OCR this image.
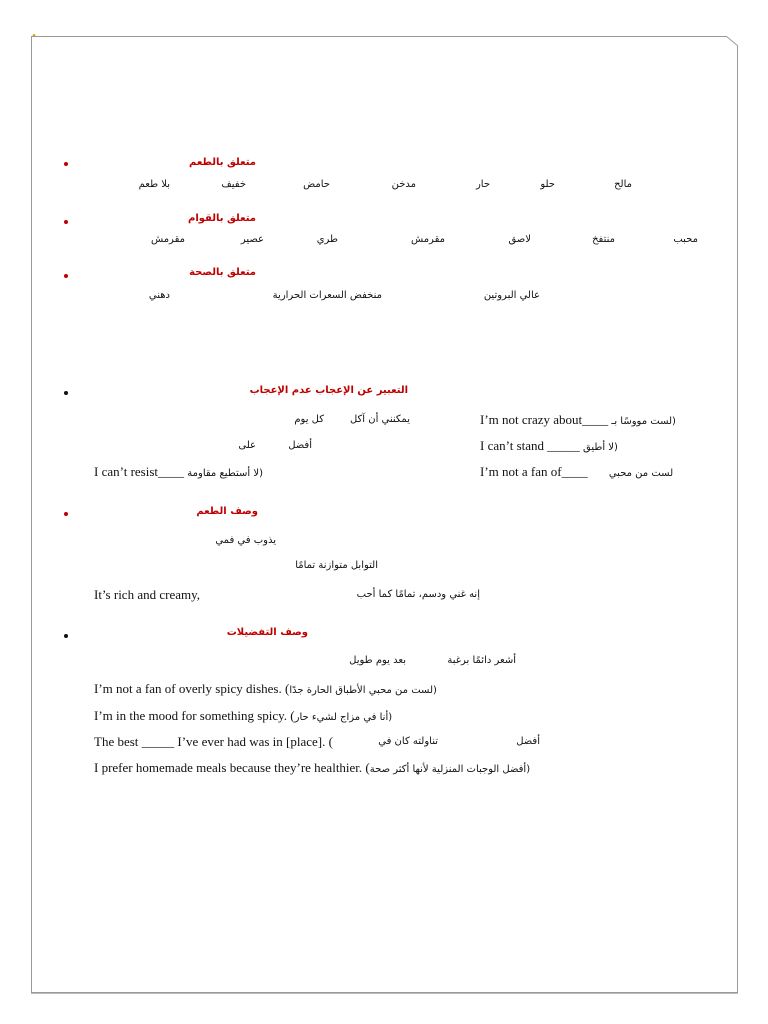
متعلق بالطعم
مالح
حلو
حار
مدخن
حامض
خفيف
بلا طعم
متعلق بالقوام
محبب
منتفخ
لاصق
مقرمش
طري
عصير
مقرمش
متعلق بالصحة
عالي البروتين
منخفض السعرات الحرارية
دهني
التعبير عن الإعجاب عدم الإعجاب
I’m not crazy about____ لست مووسًا بـ)
يمكنني أن آكل
كل يوم
I can’t stand _____ لا أطيق)
أفضل
على
I’m not a fan of____ لست من محبي
I can’t resist____ لا أستطيع مقاومة)
وصف الطعم
يذوب في فمي
التوابل متوازنة تمامًا
It’s rich and creamy,	إنه غني ودسم، تمامًا كما أحب
وصف التفضيلات
أشعر دائمًا برغبة
بعد يوم طويل
I’m not a fan of overly spicy dishes. (لست من محبي الأطباق الحارة جدًا)
I’m in the mood for something spicy. (أنا في مزاج لشيء حار)
The best _____ I’ve ever had was in [place]. (	تناولته كان في	أفضل
I prefer homemade meals because they’re healthier. (أفضل الوجبات المنزلية لأنها أكثر صحة)
